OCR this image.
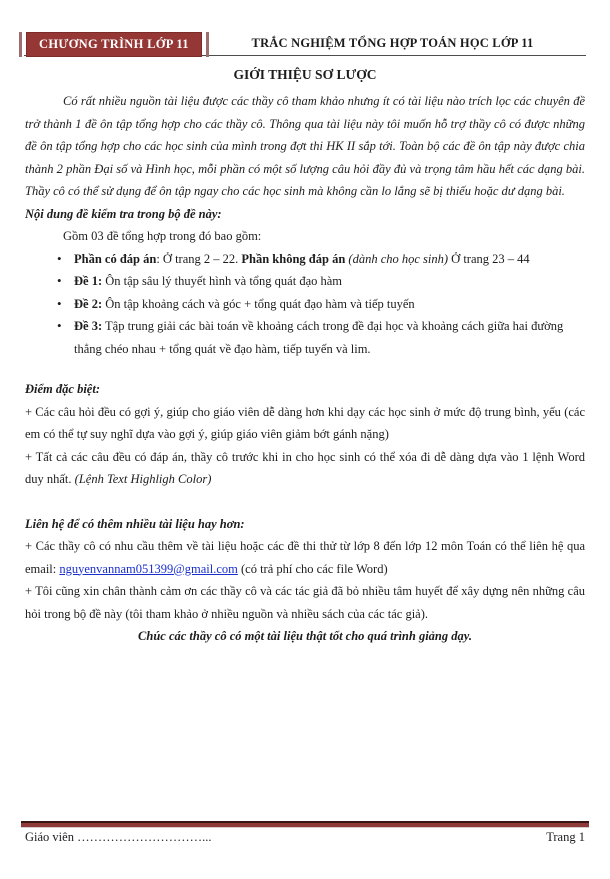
CHƯƠNG TRÌNH LỚP 11	TRẮC NGHIỆM TỔNG HỢP TOÁN HỌC LỚP 11

GIỚI THIỆU SƠ LƯỢC

Có rất nhiều nguồn tài liệu được các thầy cô tham khảo nhưng ít có tài liệu nào trích lọc các chuyên đề trở thành 1 đề ôn tập tổng hợp cho các thầy cô. Thông qua tài liệu này tôi muốn hỗ trợ thầy cô có được những đề ôn tập tổng hợp cho các học sinh của mình trong đợt thi HK II sắp tới. Toàn bộ các đề ôn tập này được chia thành 2 phần Đại số và Hình học, mỗi phần có một số lượng câu hỏi đầy đủ và trọng tâm hầu hết các dạng bài. Thầy cô có thể sử dụng để ôn tập ngay cho các học sinh mà không cần lo lắng sẽ bị thiếu hoặc dư dạng bài.

Nội dung đề kiểm tra trong bộ đề này:

Gồm 03 đề tổng hợp trong đó bao gồm:

• Phần có đáp án: Ở trang 2 – 22. Phần không đáp án (dành cho học sinh) Ở trang 23 – 44
• Đề 1: Ôn tập sâu lý thuyết hình và tổng quát đạo hàm
• Đề 2: Ôn tập khoảng cách và góc + tổng quát đạo hàm và tiếp tuyến
• Đề 3: Tập trung giải các bài toán về khoảng cách trong đề đại học và khoảng cách giữa hai đường thẳng chéo nhau + tổng quát về đạo hàm, tiếp tuyến và lim.

Điểm đặc biệt:

+ Các câu hỏi đều có gợi ý, giúp cho giáo viên dễ dàng hơn khi dạy các học sinh ở mức độ trung bình, yếu (các em có thể tự suy nghĩ dựa vào gợi ý, giúp giáo viên giảm bớt gánh nặng)

+ Tất cả các câu đều có đáp án, thầy cô trước khi in cho học sinh có thể xóa đi dễ dàng dựa vào 1 lệnh Word duy nhất. (Lệnh Text Highligh Color)

Liên hệ để có thêm nhiều tài liệu hay hơn:

+ Các thầy cô có nhu cầu thêm về tài liệu hoặc các đề thi thử từ lớp 8 đến lớp 12 môn Toán có thể liên hệ qua email: nguyenvannam051399@gmail.com (có trả phí cho các file Word)

+ Tôi cũng xin chân thành cảm ơn các thầy cô và các tác giả đã bỏ nhiều tâm huyết để xây dựng nên những câu hỏi trong bộ đề này (tôi tham khảo ở nhiều nguồn và nhiều sách của các tác giả).

Chúc các thầy cô có một tài liệu thật tốt cho quá trình giảng dạy.

Giáo viên …………………………...	Trang 1
